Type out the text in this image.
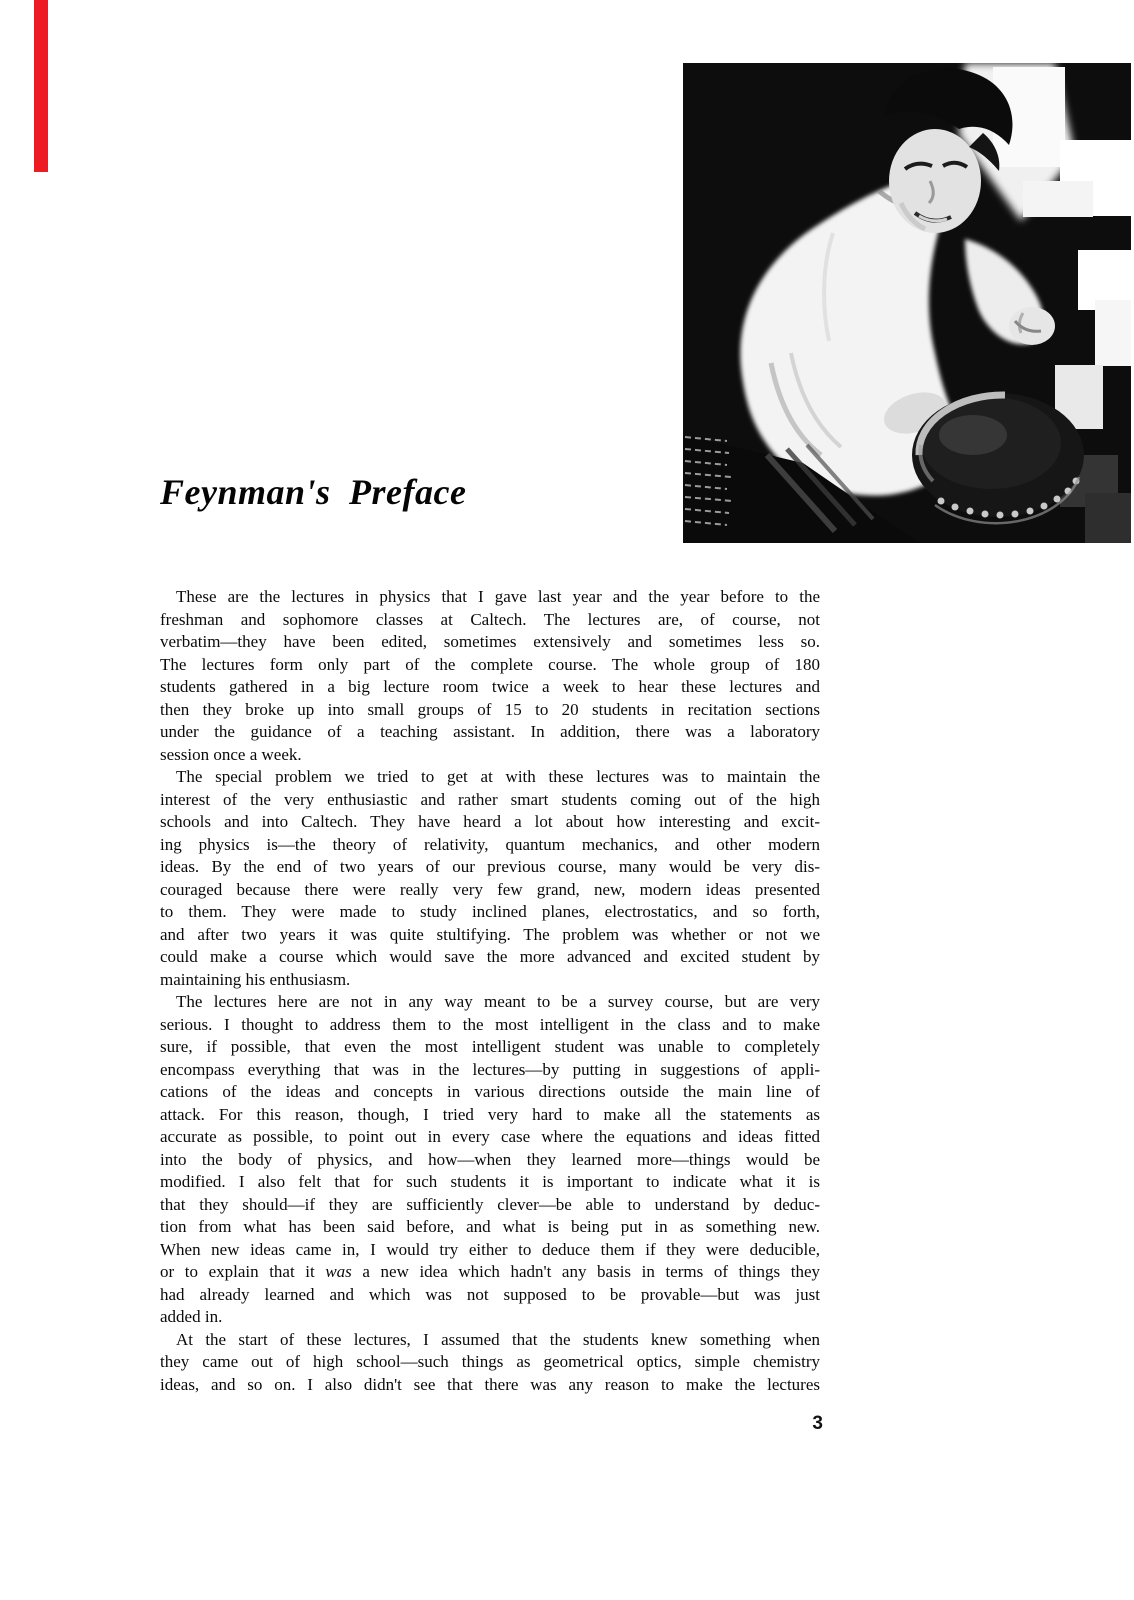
Feynman's Preface
These are the lectures in physics that I gave last year and the year before to the
freshman and sophomore classes at Caltech. The lectures are, of course, not
verbatim—they have been edited, sometimes extensively and sometimes less so.
The lectures form only part of the complete course. The whole group of 180
students gathered in a big lecture room twice a week to hear these lectures and
then they broke up into small groups of 15 to 20 students in recitation sections
under the guidance of a teaching assistant. In addition, there was a laboratory
session once a week.
The special problem we tried to get at with these lectures was to maintain the
interest of the very enthusiastic and rather smart students coming out of the high
schools and into Caltech. They have heard a lot about how interesting and excit-
ing physics is—the theory of relativity, quantum mechanics, and other modern
ideas. By the end of two years of our previous course, many would be very dis-
couraged because there were really very few grand, new, modern ideas presented
to them. They were made to study inclined planes, electrostatics, and so forth,
and after two years it was quite stultifying. The problem was whether or not we
could make a course which would save the more advanced and excited student by
maintaining his enthusiasm.
The lectures here are not in any way meant to be a survey course, but are very
serious. I thought to address them to the most intelligent in the class and to make
sure, if possible, that even the most intelligent student was unable to completely
encompass everything that was in the lectures—by putting in suggestions of appli-
cations of the ideas and concepts in various directions outside the main line of
attack. For this reason, though, I tried very hard to make all the statements as
accurate as possible, to point out in every case where the equations and ideas fitted
into the body of physics, and how—when they learned more—things would be
modified. I also felt that for such students it is important to indicate what it is
that they should—if they are sufficiently clever—be able to understand by deduc-
tion from what has been said before, and what is being put in as something new.
When new ideas came in, I would try either to deduce them if they were deducible,
or to explain that it was a new idea which hadn't any basis in terms of things they
had already learned and which was not supposed to be provable—but was just
added in.
At the start of these lectures, I assumed that the students knew something when
they came out of high school—such things as geometrical optics, simple chemistry
ideas, and so on. I also didn't see that there was any reason to make the lectures
3
